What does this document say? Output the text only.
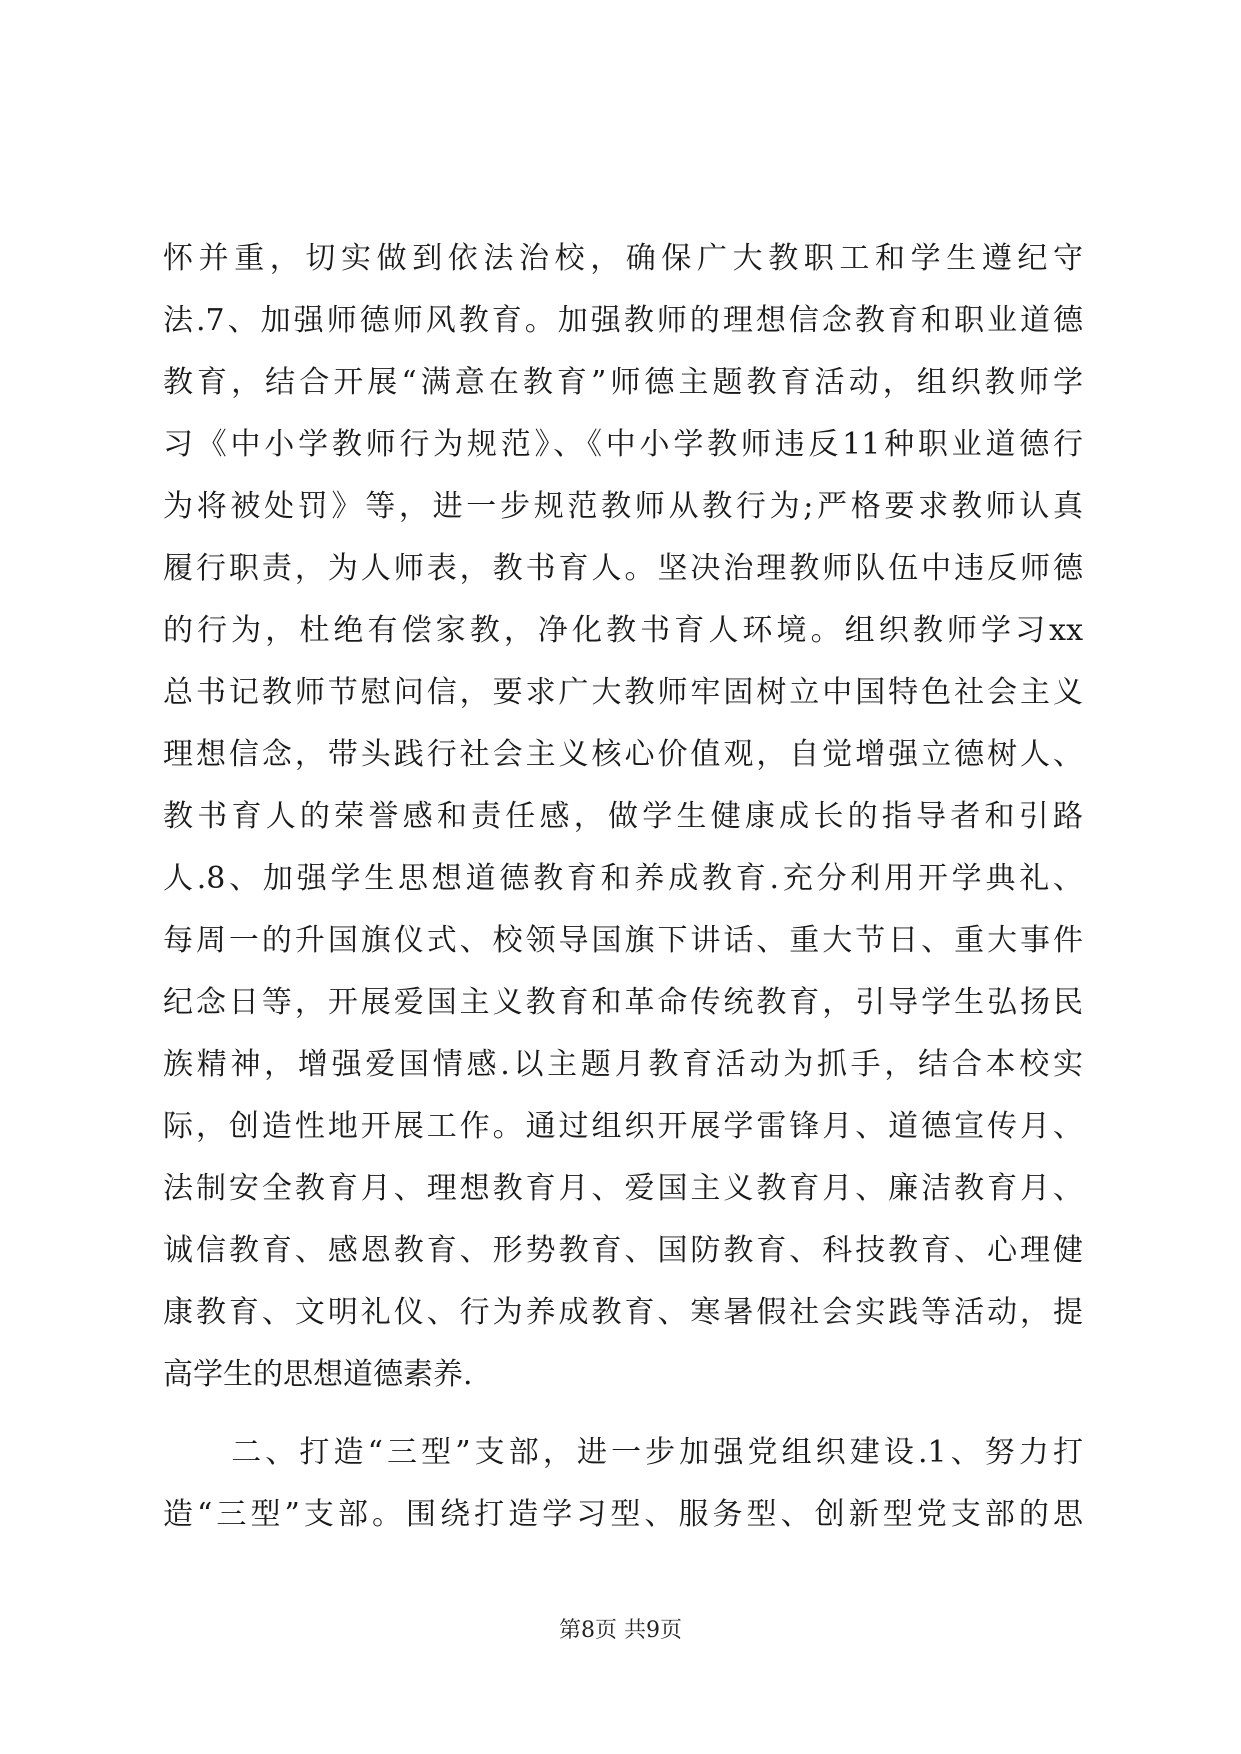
怀并重，切实做到依法治校，确保广大教职工和学生遵纪守
法.7、加强师德师风教育。加强教师的理想信念教育和职业道德
教育，结合开展“满意在教育”师德主题教育活动，组织教师学
习《中小学教师行为规范》、《中小学教师违反11种职业道德行
为将被处罚》等，进一步规范教师从教行为;严格要求教师认真
履行职责，为人师表，教书育人。坚决治理教师队伍中违反师德
的行为，杜绝有偿家教，净化教书育人环境。组织教师学习xx
总书记教师节慰问信，要求广大教师牢固树立中国特色社会主义
理想信念，带头践行社会主义核心价值观，自觉增强立德树人、
教书育人的荣誉感和责任感，做学生健康成长的指导者和引路
人.8、加强学生思想道德教育和养成教育.充分利用开学典礼、
每周一的升国旗仪式、校领导国旗下讲话、重大节日、重大事件
纪念日等，开展爱国主义教育和革命传统教育，引导学生弘扬民
族精神，增强爱国情感.以主题月教育活动为抓手，结合本校实
际，创造性地开展工作。通过组织开展学雷锋月、道德宣传月、
法制安全教育月、理想教育月、爱国主义教育月、廉洁教育月、
诚信教育、感恩教育、形势教育、国防教育、科技教育、心理健
康教育、文明礼仪、行为养成教育、寒暑假社会实践等活动，提
高学生的思想道德素养.
　　二、打造“三型”支部，进一步加强党组织建设.1、努力打
造“三型”支部。围绕打造学习型、服务型、创新型党支部的思
第8页 共9页
